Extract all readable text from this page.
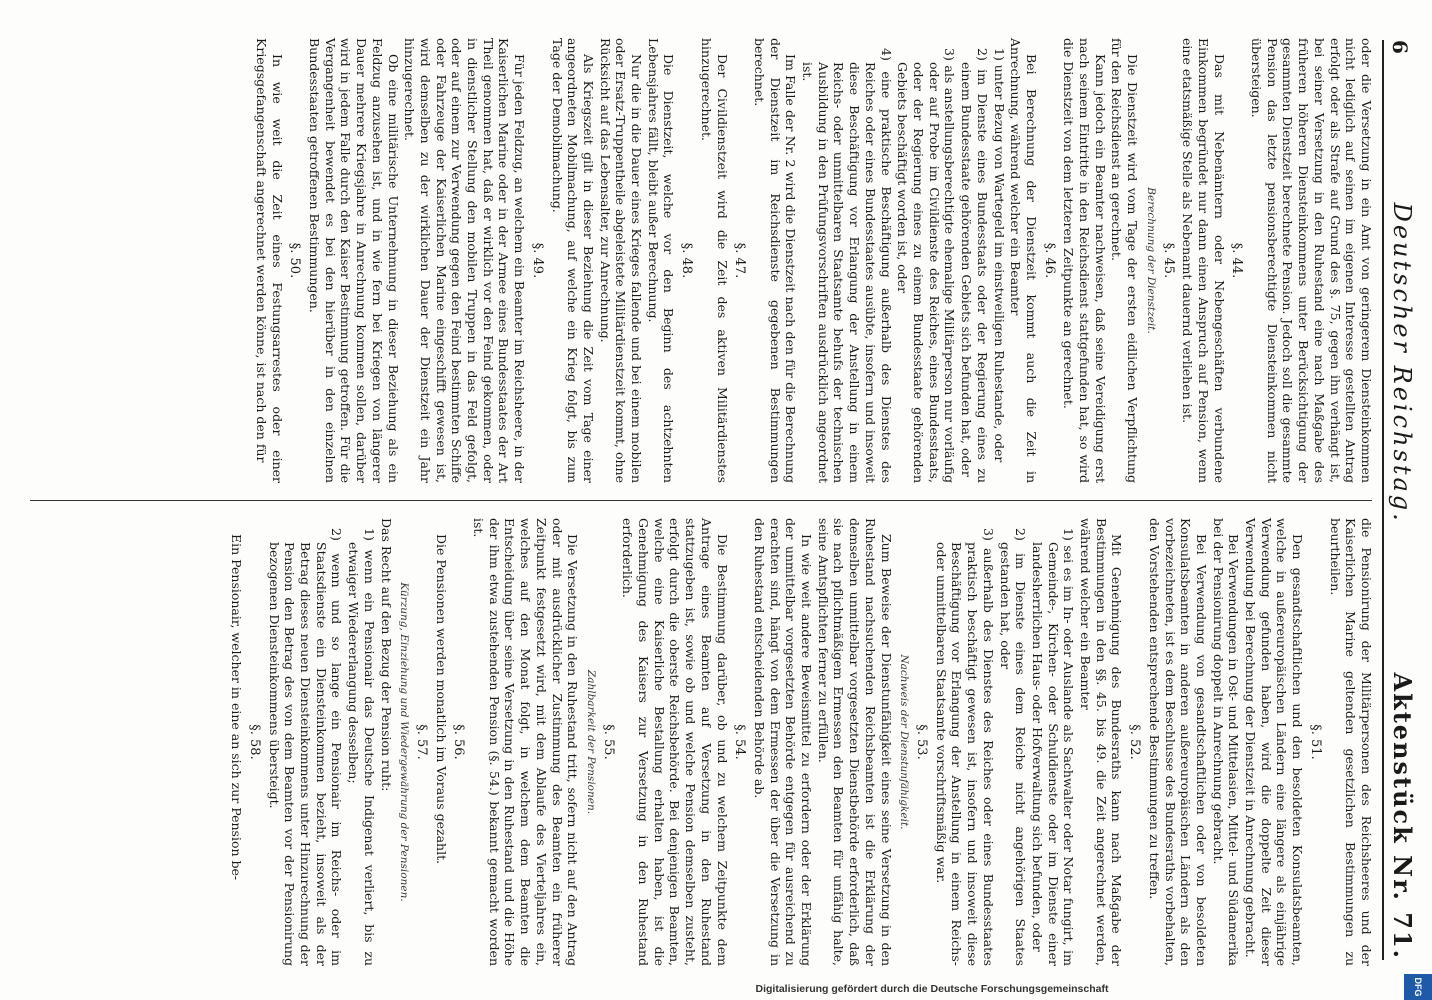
6
Deutscher Reichstag.
Aktenstück Nr. 71.
oder die Versetzung in ein Amt von geringerem Diensteinkommen nicht lediglich auf seinen im eigenen Interesse gestellten Antrag erfolgt oder als Strafe auf Grund des §. 75, gegen ihn verhängt ist, bei seiner Versetzung in den Ruhestand eine nach Maßgabe des früheren höheren Diensteinkommens unter Berücksichtigung der gesammten Dienstzeit berechnete Pension. Jedoch soll die gesammte Pension das letzte pensionsberechtigte Diensteinkommen nicht übersteigen.
§. 44.
Das mit Nebenämtern oder Nebengeschäften verbundene Einkommen begründet nur dann einen Anspruch auf Pension, wenn eine etatsmäßige Stelle als Nebenamt dauernd verliehen ist.
§. 45.
Berechnung der Dienstzeit.
Die Dienstzeit wird vom Tage der ersten eidlichen Verpflichtung für den Reichsdienst an gerechnet.
Kann jedoch ein Beamter nachweisen, daß seine Vereidigung erst nach seinem Eintritte in den Reichsdienst stattgefunden hat, so wird die Dienstzeit von dem letzteren Zeitpunkte an gerechnet.
§. 46.
Bei Berechnung der Dienstzeit kommt auch die Zeit in Anrechnung, während welcher ein Beamter
1) unter Bezug von Wartegeld im einstweiligen Ruhestande, oder
2) im Dienste eines Bundesstaats oder der Regierung eines zu einem Bundesstaate gehörenden Gebiets sich befunden hat, oder
3) als anstellungsberechtigte ehemalige Militärperson nur vorläufig oder auf Probe im Civildienste des Reiches, eines Bundesstaats, oder der Regierung eines zu einem Bundesstaate gehörenden Gebiets beschäftigt worden ist, oder
4) eine praktische Beschäftigung außerhalb des Dienstes des Reiches oder eines Bundesstaates ausübte, insofern und insoweit diese Beschäftigung vor Erlangung der Anstellung in einem Reichs- oder unmittelbaren Staatsamte behufs der technischen Ausbildung in den Prüfungsvorschriften ausdrücklich angeordnet ist.
Im Falle der Nr. 2 wird die Dienstzeit nach den für die Berechnung der Dienstzeit im Reichsdienste gegebenen Bestimmungen berechnet.
§. 47.
Der Civildienstzeit wird die Zeit des aktiven Militärdienstes hinzugerechnet.
§. 48.
Die Dienstzeit, welche vor den Beginn des achtzehnten Lebensjahres fällt, bleibt außer Berechnung.
Nur die in die Dauer eines Krieges fallende und bei einem mobilen oder Ersatz-Truppentheile abgeleistete Militärdienstzeit kommt, ohne Rücksicht auf das Lebensalter, zur Anrechnung.
Als Kriegszeit gilt in dieser Beziehung die Zeit vom Tage einer angeordneten Mobilmachung, auf welche ein Krieg folgt, bis zum Tage der Demobilmachung.
§. 49.
Für jeden Feldzug, an welchem ein Beamter im Reichsheere, in der Kaiserlichen Marine oder in der Armee eines Bundesstaates der Art Theil genommen hat, daß er wirklich vor den Feind gekommen, oder in dienstlicher Stellung den mobilen Truppen in das Feld gefolgt, oder auf einem zur Verwendung gegen den Feind bestimmten Schiffe oder Fahrzeuge der Kaiserlichen Marine eingeschifft gewesen ist, wird demselben zu der wirklichen Dauer der Dienstzeit ein Jahr hinzugerechnet.
Ob eine militärische Unternehmung in dieser Beziehung als ein Feldzug anzusehen ist, und in wie fern bei Kriegen von längerer Dauer mehrere Kriegsjahre in Anrechnung kommen sollen, darüber wird in jedem Falle durch den Kaiser Bestimmung getroffen. Für die Vergangenheit bewendet es bei den hierüber in den einzelnen Bundesstaaten getroffenen Bestimmungen.
§. 50.
In wie weit die Zeit eines Festungsarrestes oder einer Kriegsgefangenschaft angerechnet werden könne, ist nach den für
die Pensionirung der Militärpersonen des Reichsheeres und der Kaiserlichen Marine geltenden gesetzlichen Bestimmungen zu beurtheilen.
§. 51.
Den gesandtschaftlichen und den besoldeten Konsulatsbeamten, welche in außereuropäischen Ländern eine längere als einjährige Verwendung gefunden haben, wird die doppelte Zeit dieser Verwendung bei Berechnung der Dienstzeit in Anrechnung gebracht.
Bei Verwendungen in Ost- und Mittelasien, Mittel- und Südamerika bei der Pensionirung doppelt in Anrechnung gebracht.
Bei Verwendung von gesandtschaftlichen oder von besoldeten Konsulatsbeamten in anderen außereuropäischen Ländern als den vorbezeichneten, ist es dem Beschlusse des Bundesraths vorbehalten, den Vorstehenden entsprechende Bestimmungen zu treffen.
§. 52.
Mit Genehmigung des Bundesraths kann nach Maßgabe der Bestimmungen in den §§. 45. bis 49. die Zeit angerechnet werden, während welcher ein Beamter
1) sei es im In- oder Auslande als Sachwalter oder Notar fungirt, im Gemeinde-, Kirchen- oder Schuldienste oder im Dienste einer landesherrlichen Haus- oder Hofverwaltung sich befunden, oder
2) im Dienste eines dem Reiche nicht angehörigen Staates gestanden hat, oder
3) außerhalb des Dienstes des Reiches oder eines Bundesstaates praktisch beschäftigt gewesen ist, insofern und insoweit diese Beschäftigung vor Erlangung der Anstellung in einem Reichs- oder unmittelbaren Staatsamte vorschriftsmäßig war.
§. 53.
Nachweis der Dienstunfähigkeit.
Zum Beweise der Dienstunfähigkeit eines seine Versetzung in den Ruhestand nachsuchenden Reichsbeamten ist die Erklärung der demselben unmittelbar vorgesetzten Dienstbehörde erforderlich, daß sie nach pflichtmäßigem Ermessen den Beamten für unfähig halte, seine Amtspflichten ferner zu erfüllen.
In wie weit andere Beweismittel zu erfordern oder der Erklärung der unmittelbar vorgesetzten Behörde entgegen für ausreichend zu erachten sind, hängt von dem Ermessen der über die Versetzung in den Ruhestand entscheidenden Behörde ab.
§. 54.
Die Bestimmung darüber, ob und zu welchem Zeitpunkte dem Antrage eines Beamten auf Versetzung in den Ruhestand stattzugeben ist, sowie ob und welche Pension demselben zusteht, erfolgt durch die oberste Reichsbehörde. Bei denjenigen Beamten, welche eine Kaiserliche Bestallung erhalten haben, ist die Genehmigung des Kaisers zur Versetzung in den Ruhestand erforderlich.
§. 55.
Zahlbarkeit der Pensionen.
Die Versetzung in den Ruhestand tritt, sofern nicht auf den Antrag oder mit ausdrücklicher Zustimmung des Beamten ein früherer Zeitpunkt festgesetzt wird, mit dem Ablaufe des Vierteljahres ein, welches auf den Monat folgt, in welchem dem Beamten die Entscheidung über seine Versetzung in den Ruhestand und die Höhe der ihm etwa zustehenden Pension (§. 54.) bekannt gemacht worden ist.
§. 56.
Die Pensionen werden monatlich im Voraus gezahlt.
§. 57.
Kürzung, Einziehung und Wiedergewährung der Pensionen.
Das Recht auf den Bezug der Pension ruht:
1) wenn ein Pensionair das Deutsche Indigenat verliert, bis zu etwaiger Wiedererlangung desselben;
2) wenn und so lange ein Pensionair im Reichs- oder im Staatsdienste ein Diensteinkommen bezieht, insoweit als der Betrag dieses neuen Diensteinkommens unter Hinzurechnung der Pension den Betrag des von dem Beamten vor der Pensionirung bezogenen Diensteinkommens übersteigt.
§. 58.
Ein Pensionair, welcher in eine an sich zur Pension be-
Digitalisierung gefördert durch die Deutsche Forschungsgemeinschaft	DFG
